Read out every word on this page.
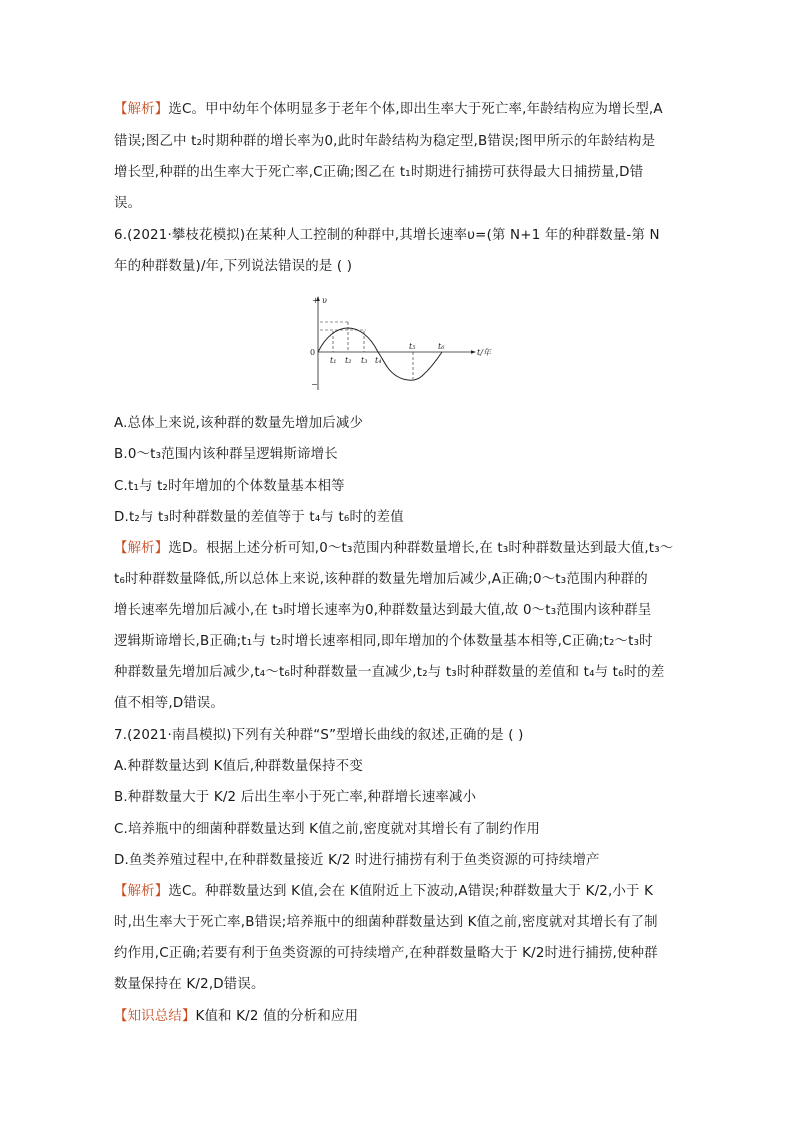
【解析】选C。甲中幼年个体明显多于老年个体,即出生率大于死亡率,年龄结构应为增长型,A
错误;图乙中 t₂时期种群的增长率为0,此时年龄结构为稳定型,B错误;图甲所示的年龄结构是
增长型,种群的出生率大于死亡率,C正确;图乙在 t₁时期进行捕捞可获得最大日捕捞量,D错
误。
6.(2021·攀枝花模拟)在某种人工控制的种群中,其增长速率υ=(第 N+1 年的种群数量-第 N
年的种群数量)/年,下列说法错误的是 ( )
υ
t/年
+
0
−
t₁ t₂ t₃ t₄
t₅	t₆
A.总体上来说,该种群的数量先增加后减少
B.0～t₃范围内该种群呈逻辑斯谛增长
C.t₁与 t₂时年增加的个体数量基本相等
D.t₂与 t₃时种群数量的差值等于 t₄与 t₆时的差值
【解析】选D。根据上述分析可知,0～t₃范围内种群数量增长,在 t₃时种群数量达到最大值,t₃～
t₆时种群数量降低,所以总体上来说,该种群的数量先增加后减少,A正确;0～t₃范围内种群的
增长速率先增加后减小,在 t₃时增长速率为0,种群数量达到最大值,故 0～t₃范围内该种群呈
逻辑斯谛增长,B正确;t₁与 t₂时增长速率相同,即年增加的个体数量基本相等,C正确;t₂～t₃时
种群数量先增加后减少,t₄～t₆时种群数量一直减少,t₂与 t₃时种群数量的差值和 t₄与 t₆时的差
值不相等,D错误。
7.(2021·南昌模拟)下列有关种群“S”型增长曲线的叙述,正确的是 ( )
A.种群数量达到 K值后,种群数量保持不变
B.种群数量大于 K/2 后出生率小于死亡率,种群增长速率减小
C.培养瓶中的细菌种群数量达到 K值之前,密度就对其增长有了制约作用
D.鱼类养殖过程中,在种群数量接近 K/2 时进行捕捞有利于鱼类资源的可持续增产
【解析】选C。种群数量达到 K值,会在 K值附近上下波动,A错误;种群数量大于 K/2,小于 K
时,出生率大于死亡率,B错误;培养瓶中的细菌种群数量达到 K值之前,密度就对其增长有了制
约作用,C正确;若要有利于鱼类资源的可持续增产,在种群数量略大于 K/2时进行捕捞,使种群
数量保持在 K/2,D错误。
【知识总结】K值和 K/2 值的分析和应用
